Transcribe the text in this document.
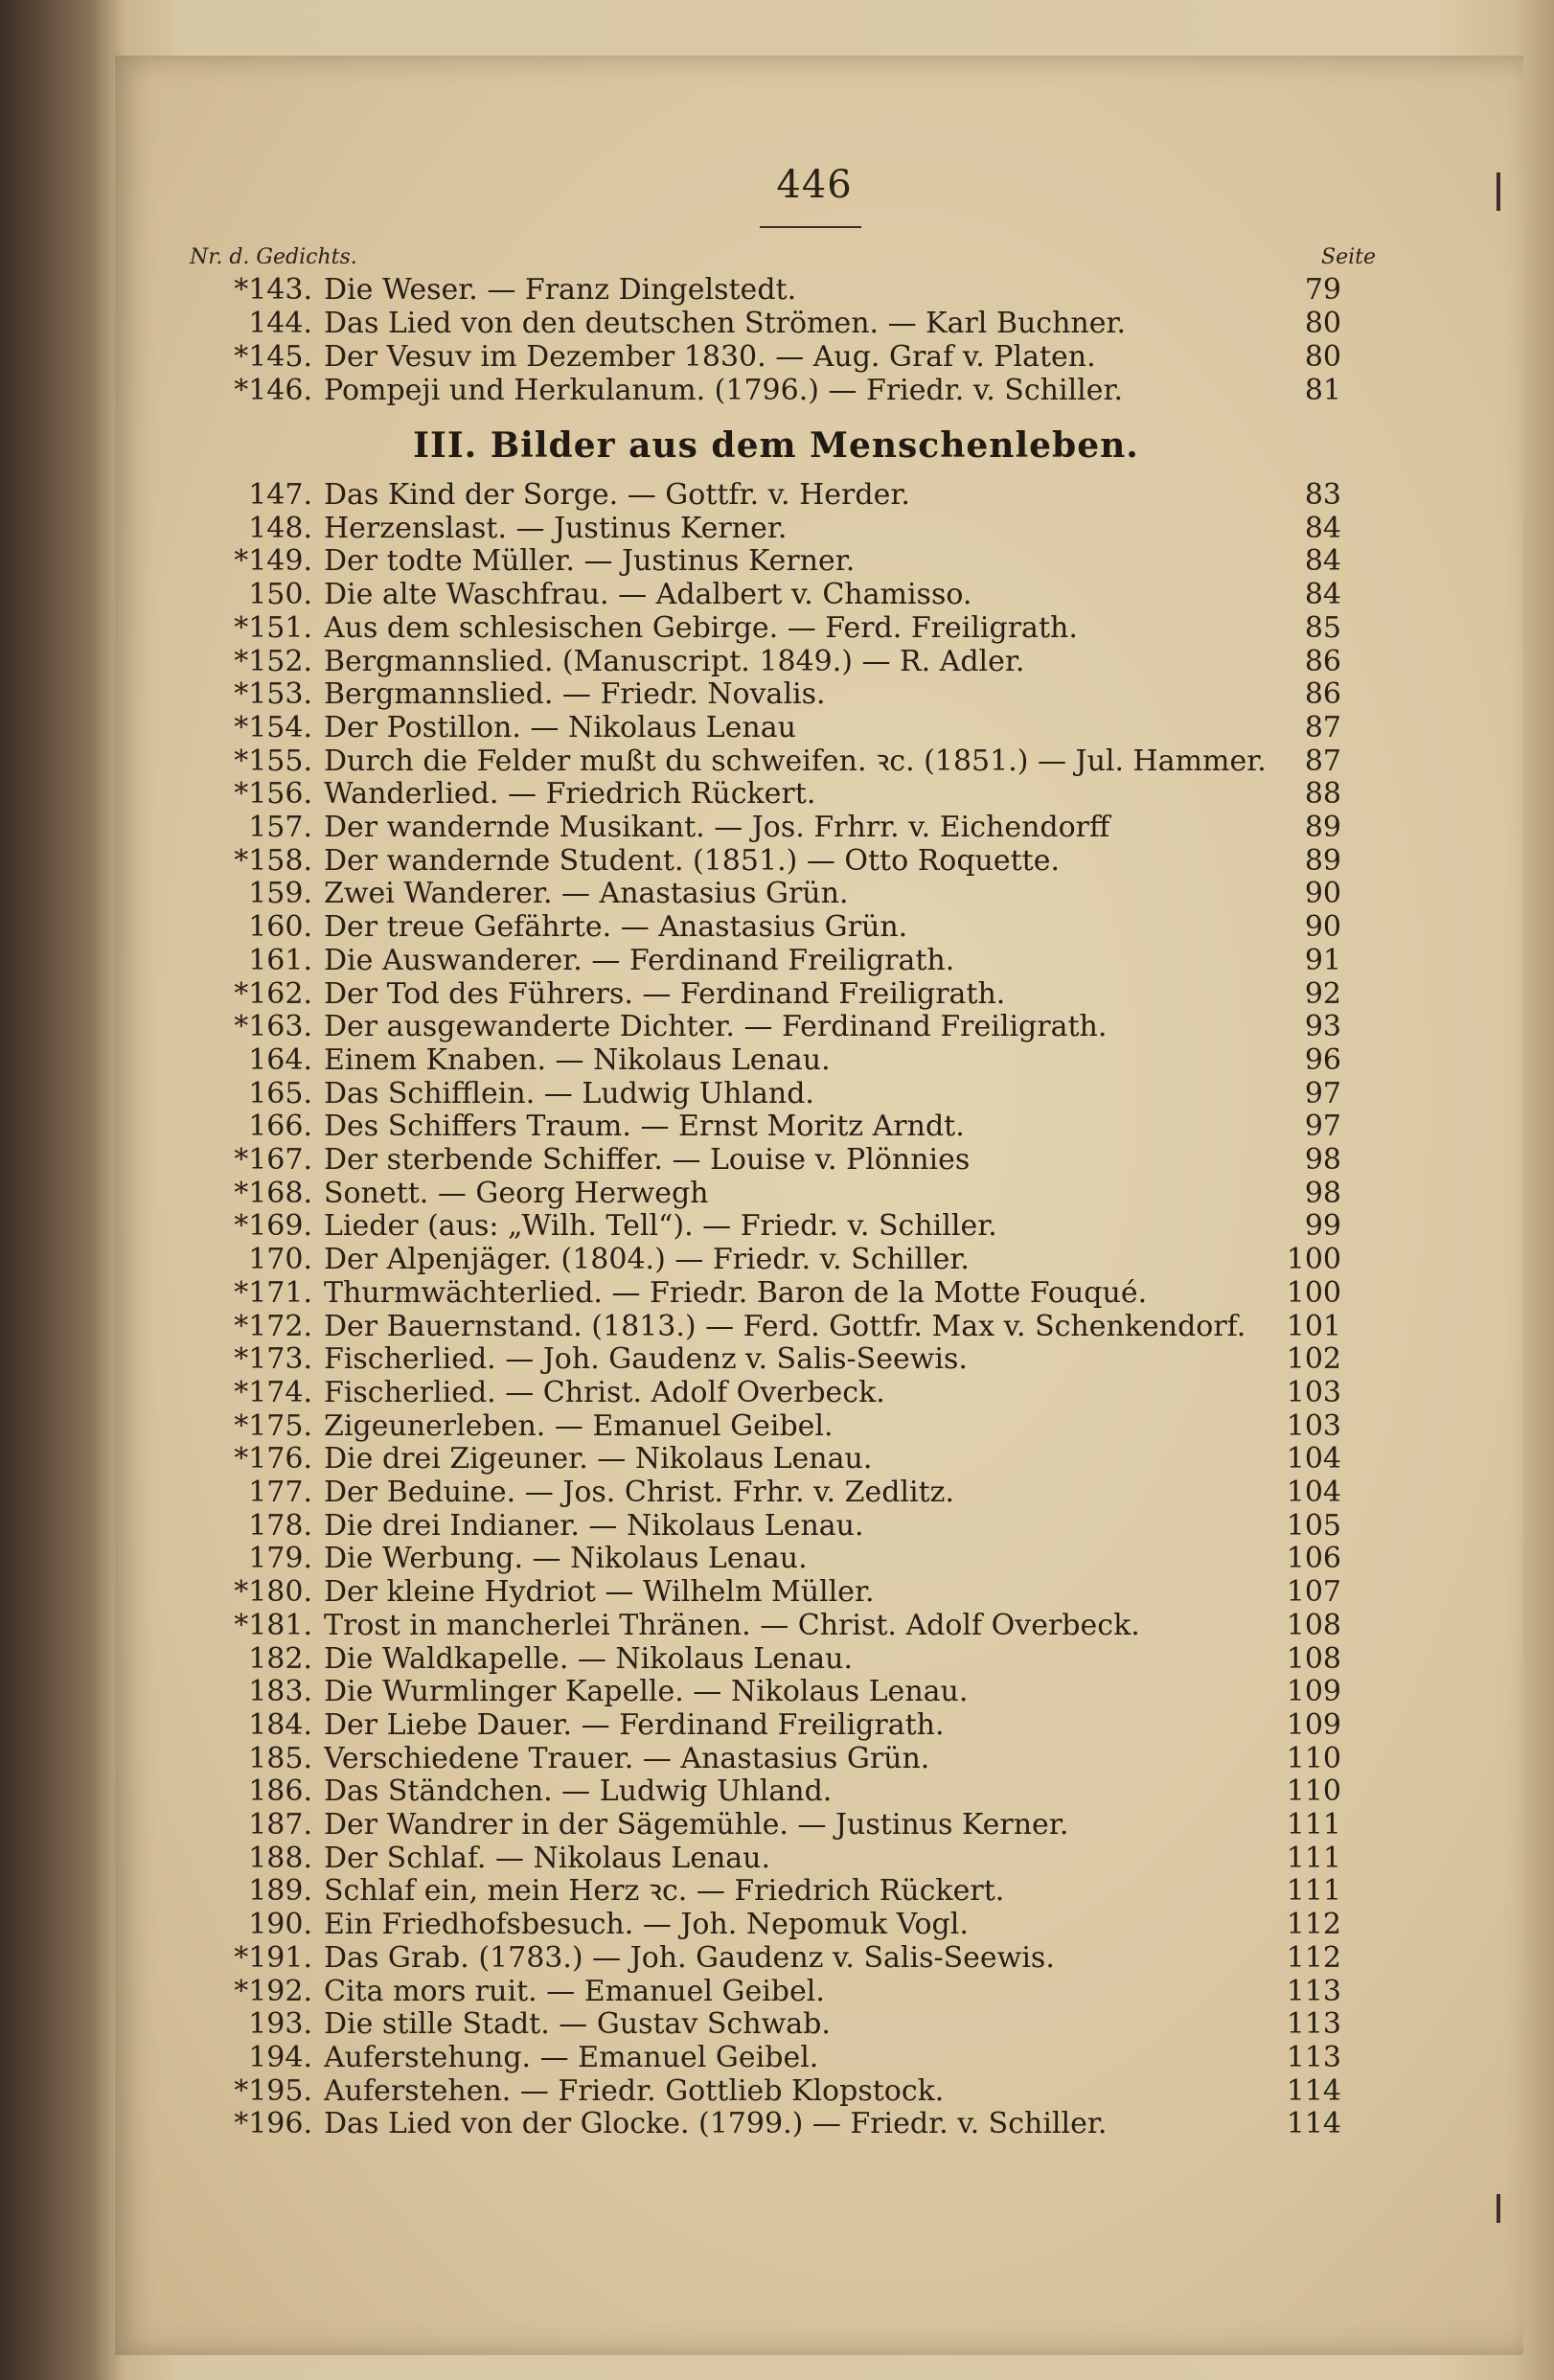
446
Nr. d. Gedichts.	Seite
*143. Die Weser. — Franz Dingelstedt.	79
144. Das Lied von den deutschen Strömen. — Karl Buchner.	80
*145. Der Vesuv im Dezember 1830. — Aug. Graf v. Platen.	80
*146. Pompeji und Herkulanum. (1796.) — Friedr. v. Schiller.	81
III. Bilder aus dem Menschenleben.
147. Das Kind der Sorge. — Gottfr. v. Herder.	83
148. Herzenslast. — Justinus Kerner.	84
*149. Der todte Müller. — Justinus Kerner.	84
150. Die alte Waschfrau. — Adalbert v. Chamisso.	84
*151. Aus dem schlesischen Gebirge. — Ferd. Freiligrath.	85
*152. Bergmannslied. (Manuscript. 1849.) — R. Adler.	86
*153. Bergmannslied. — Friedr. Novalis.	86
*154. Der Postillon. — Nikolaus Lenau	87
*155. Durch die Felder mußt du schweifen. ꝛc. (1851.) — Jul. Hammer.	87
*156. Wanderlied. — Friedrich Rückert.	88
157. Der wandernde Musikant. — Jos. Frhrr. v. Eichendorff	89
*158. Der wandernde Student. (1851.) — Otto Roquette.	89
159. Zwei Wanderer. — Anastasius Grün.	90
160. Der treue Gefährte. — Anastasius Grün.	90
161. Die Auswanderer. — Ferdinand Freiligrath.	91
*162. Der Tod des Führers. — Ferdinand Freiligrath.	92
*163. Der ausgewanderte Dichter. — Ferdinand Freiligrath.	93
164. Einem Knaben. — Nikolaus Lenau.	96
165. Das Schifflein. — Ludwig Uhland.	97
166. Des Schiffers Traum. — Ernst Moritz Arndt.	97
*167. Der sterbende Schiffer. — Louise v. Plönnies	98
*168. Sonett. — Georg Herwegh	98
*169. Lieder (aus: „Wilh. Tell“). — Friedr. v. Schiller.	99
170. Der Alpenjäger. (1804.) — Friedr. v. Schiller.	100
*171. Thurmwächterlied. — Friedr. Baron de la Motte Fouqué.	100
*172. Der Bauernstand. (1813.) — Ferd. Gottfr. Max v. Schenkendorf.	101
*173. Fischerlied. — Joh. Gaudenz v. Salis-Seewis.	102
*174. Fischerlied. — Christ. Adolf Overbeck.	103
*175. Zigeunerleben. — Emanuel Geibel.	103
*176. Die drei Zigeuner. — Nikolaus Lenau.	104
177. Der Beduine. — Jos. Christ. Frhr. v. Zedlitz.	104
178. Die drei Indianer. — Nikolaus Lenau.	105
179. Die Werbung. — Nikolaus Lenau.	106
*180. Der kleine Hydriot — Wilhelm Müller.	107
*181. Trost in mancherlei Thränen. — Christ. Adolf Overbeck.	108
182. Die Waldkapelle. — Nikolaus Lenau.	108
183. Die Wurmlinger Kapelle. — Nikolaus Lenau.	109
184. Der Liebe Dauer. — Ferdinand Freiligrath.	109
185. Verschiedene Trauer. — Anastasius Grün.	110
186. Das Ständchen. — Ludwig Uhland.	110
187. Der Wandrer in der Sägemühle. — Justinus Kerner.	111
188. Der Schlaf. — Nikolaus Lenau.	111
189. Schlaf ein, mein Herz ꝛc. — Friedrich Rückert.	111
190. Ein Friedhofsbesuch. — Joh. Nepomuk Vogl.	112
*191. Das Grab. (1783.) — Joh. Gaudenz v. Salis-Seewis.	112
*192. Cita mors ruit. — Emanuel Geibel.	113
193. Die stille Stadt. — Gustav Schwab.	113
194. Auferstehung. — Emanuel Geibel.	113
*195. Auferstehen. — Friedr. Gottlieb Klopstock.	114
*196. Das Lied von der Glocke. (1799.) — Friedr. v. Schiller.	114
